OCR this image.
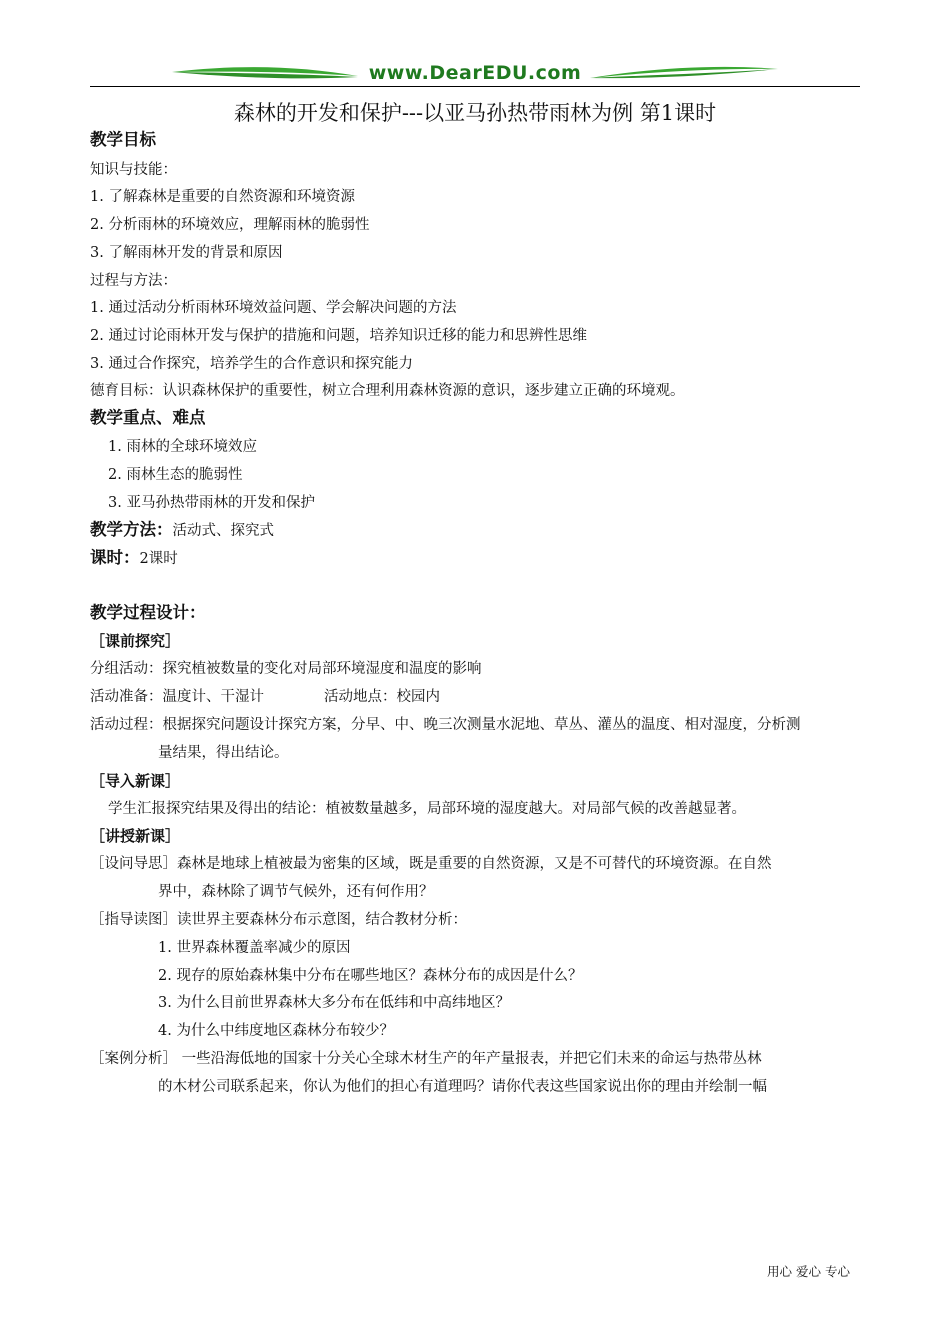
www.DearEDU.com
森林的开发和保护---以亚马孙热带雨林为例 第1课时
教学目标
知识与技能：
1. 了解森林是重要的自然资源和环境资源
2. 分析雨林的环境效应，理解雨林的脆弱性
3. 了解雨林开发的背景和原因
过程与方法：
1. 通过活动分析雨林环境效益问题、学会解决问题的方法
2. 通过讨论雨林开发与保护的措施和问题，培养知识迁移的能力和思辨性思维
3. 通过合作探究，培养学生的合作意识和探究能力
德育目标：认识森林保护的重要性，树立合理利用森林资源的意识，逐步建立正确的环境观。
教学重点、难点
1. 雨林的全球环境效应
2. 雨林生态的脆弱性
3. 亚马孙热带雨林的开发和保护
教学方法：活动式、探究式
课时：2课时
教学过程设计：
［课前探究］
分组活动：探究植被数量的变化对局部环境湿度和温度的影响
活动准备：温度计、干湿计	活动地点：校园内
活动过程：根据探究问题设计探究方案，分早、中、晚三次测量水泥地、草丛、灌丛的温度、相对湿度，分析测
量结果，得出结论。
［导入新课］
学生汇报探究结果及得出的结论：植被数量越多，局部环境的湿度越大。对局部气候的改善越显著。
［讲授新课］
［设问导思］森林是地球上植被最为密集的区域，既是重要的自然资源，又是不可替代的环境资源。在自然
界中，森林除了调节气候外，还有何作用？
［指导读图］读世界主要森林分布示意图，结合教材分析：
1. 世界森林覆盖率减少的原因
2. 现存的原始森林集中分布在哪些地区？森林分布的成因是什么？
3. 为什么目前世界森林大多分布在低纬和中高纬地区？
4. 为什么中纬度地区森林分布较少？
［案例分析］ 一些沿海低地的国家十分关心全球木材生产的年产量报表，并把它们未来的命运与热带丛林
的木材公司联系起来，你认为他们的担心有道理吗？请你代表这些国家说出你的理由并绘制一幅
用心 爱心 专心
